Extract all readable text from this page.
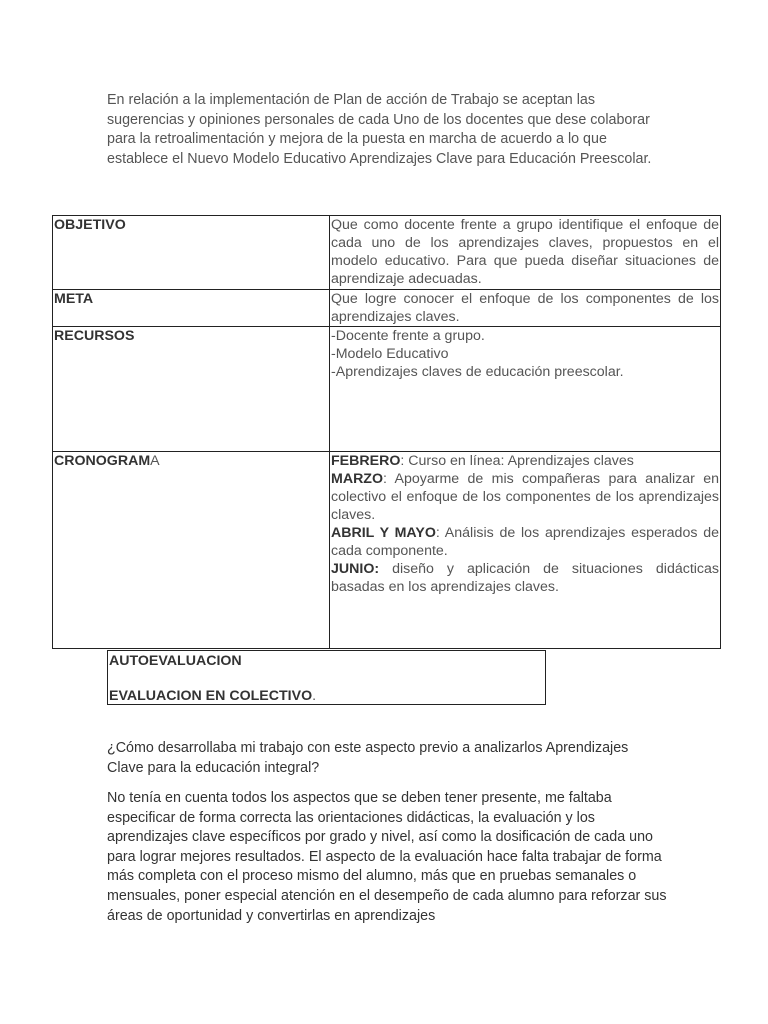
En relación a la implementación de Plan de acción de Trabajo se aceptan las sugerencias y opiniones personales de cada Uno de los docentes que dese colaborar para la retroalimentación y mejora de la puesta en marcha de acuerdo a lo que establece el Nuevo Modelo Educativo Aprendizajes Clave para Educación Preescolar.

OBJETIVO	Que como docente frente a grupo identifique el enfoque de cada uno de los aprendizajes claves, propuestos en el modelo educativo. Para que pueda diseñar situaciones de aprendizaje adecuadas.
META	Que logre conocer el enfoque de los componentes de los aprendizajes claves.
RECURSOS	-Docente frente a grupo.

-Modelo Educativo

-Aprendizajes claves de educación preescolar.

CRONOGRAMA	FEBRERO: Curso en línea: Aprendizajes claves

MARZO: Apoyarme de mis compañeras para analizar en colectivo el enfoque de los componentes de los aprendizajes claves.

ABRIL Y MAYO: Análisis de los aprendizajes esperados de cada componente.

JUNIO: diseño y aplicación de situaciones didácticas basadas en los aprendizajes claves.

AUTOEVALUACION

EVALUACION EN COLECTIVO.

¿Cómo desarrollaba mi trabajo con este aspecto previo a analizarlos Aprendizajes Clave para la educación integral?

No tenía en cuenta todos los aspectos que se deben tener presente, me faltaba especificar de forma correcta las orientaciones didácticas, la evaluación y los aprendizajes clave específicos por grado y nivel, así como la dosificación de cada uno para lograr mejores resultados. El aspecto de la evaluación hace falta trabajar de forma más completa con el proceso mismo del alumno, más que en pruebas semanales o mensuales, poner especial atención en el desempeño de cada alumno para reforzar sus áreas de oportunidad y convertirlas en aprendizajes
